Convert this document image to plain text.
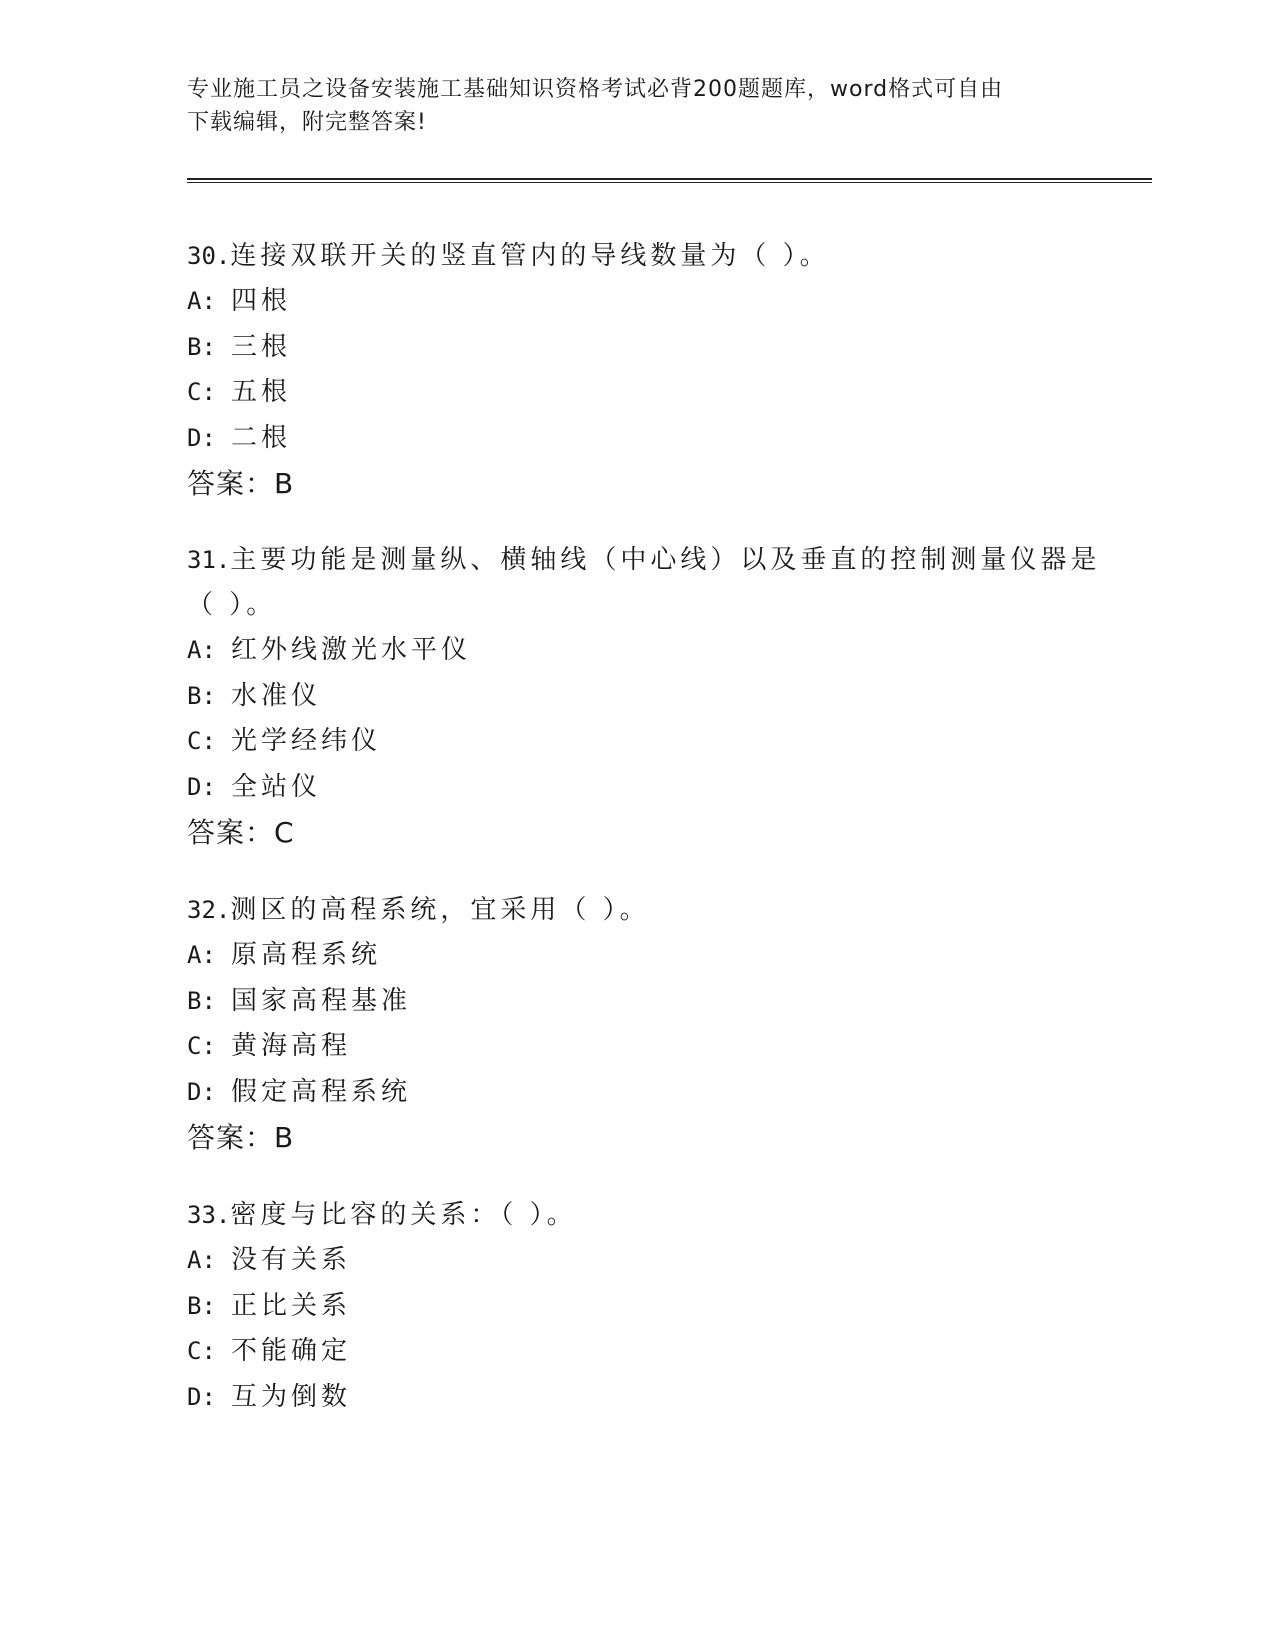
专业施工员之设备安装施工基础知识资格考试必背200题题库，word格式可自由
下载编辑，附完整答案!
30.连接双联开关的竖直管内的导线数量为（ ）。
A: 四根
B: 三根
C: 五根
D: 二根
答案：B
31.主要功能是测量纵、横轴线（中心线）以及垂直的控制测量仪器是
（ ）。
A: 红外线激光水平仪
B: 水准仪
C: 光学经纬仪
D: 全站仪
答案：C
32.测区的高程系统，宜采用（ ）。
A: 原高程系统
B: 国家高程基准
C: 黄海高程
D: 假定高程系统
答案：B
33.密度与比容的关系：（ ）。
A: 没有关系
B: 正比关系
C: 不能确定
D: 互为倒数
